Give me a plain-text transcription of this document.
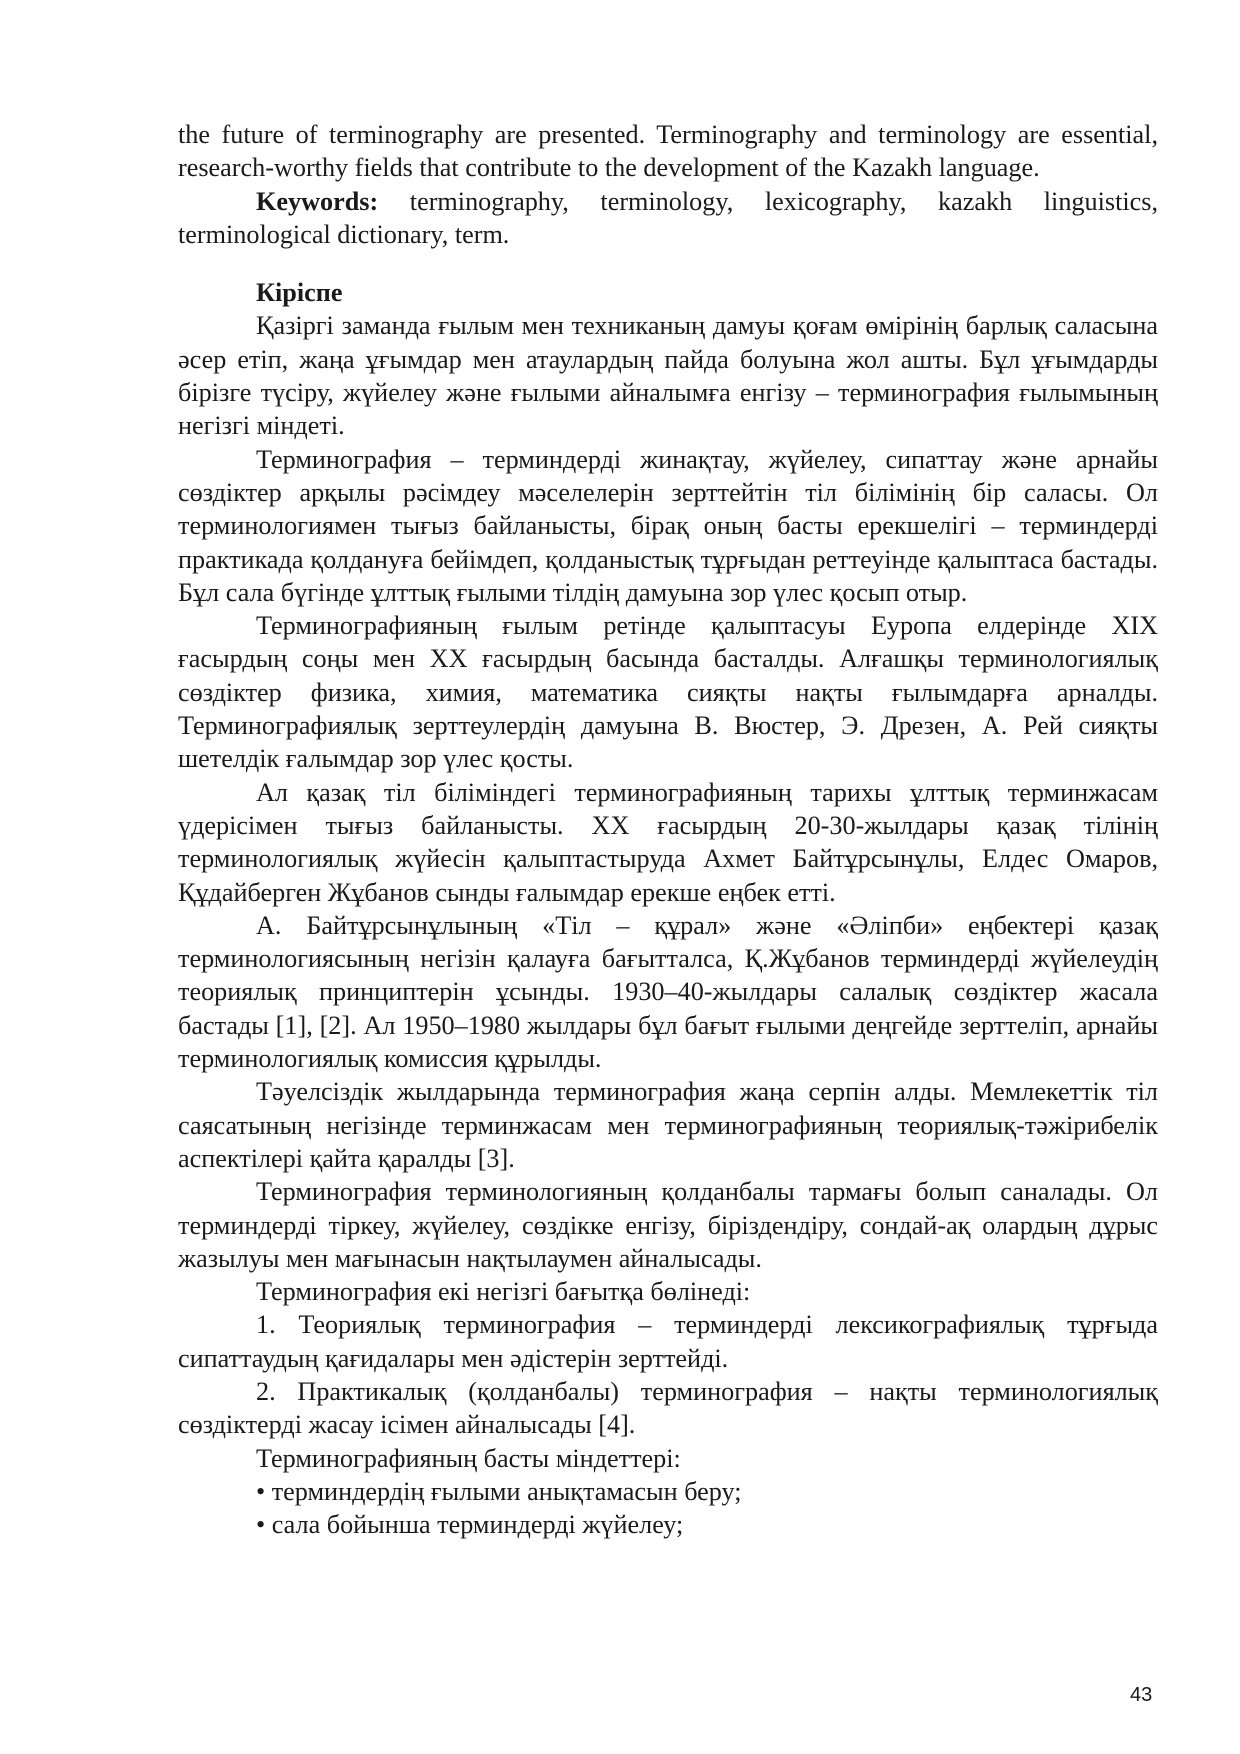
the future of terminography are presented. Terminography and terminology are essential, research-worthy fields that contribute to the development of the Kazakh language.

Keywords: terminography, terminology, lexicography, kazakh linguistics, terminological dictionary, term.

Кіріспе

Қазіргі заманда ғылым мен техниканың дамуы қоғам өмірінің барлық саласына әсер етіп, жаңа ұғымдар мен атаулардың пайда болуына жол ашты. Бұл ұғымдарды бірізге түсіру, жүйелеу және ғылыми айналымға енгізу – терминография ғылымының негізгі міндеті.

Терминография – терминдерді жинақтау, жүйелеу, сипаттау және арнайы сөздіктер арқылы рәсімдеу мәселелерін зерттейтін тіл білімінің бір саласы. Ол терминологиямен тығыз байланысты, бірақ оның басты ерекшелігі – терминдерді практикада қолдануға бейімдеп, қолданыстық тұрғыдан реттеуінде қалыптаса бастады. Бұл сала бүгінде ұлттық ғылыми тілдің дамуына зор үлес қосып отыр.

Терминографияның ғылым ретінде қалыптасуы Еуропа елдерінде XIX ғасырдың соңы мен XX ғасырдың басында басталды. Алғашқы терминологиялық сөздіктер физика, химия, математика сияқты нақты ғылымдарға арналды. Терминографиялық зерттеулердің дамуына В. Вюстер, Э. Дрезен, А. Рей сияқты шетелдік ғалымдар зор үлес қосты.

Ал қазақ тіл біліміндегі терминографияның тарихы ұлттық терминжасам үдерісімен тығыз байланысты. XX ғасырдың 20-30-жылдары қазақ тілінің терминологиялық жүйесін қалыптастыруда Ахмет Байтұрсынұлы, Елдес Омаров, Құдайберген Жұбанов сынды ғалымдар ерекше еңбек етті.

А. Байтұрсынұлының «Тіл – құрал» және «Әліпби» еңбектері қазақ терминологиясының негізін қалауға бағытталса, Қ.Жұбанов терминдерді жүйелеудің теориялық принциптерін ұсынды. 1930–40-жылдары салалық сөздіктер жасала бастады [1], [2]. Ал 1950–1980 жылдары бұл бағыт ғылыми деңгейде зерттеліп, арнайы терминологиялық комиссия құрылды.

Тәуелсіздік жылдарында терминография жаңа серпін алды. Мемлекеттік тіл саясатының негізінде терминжасам мен терминографияның теориялық-тәжірибелік аспектілері қайта қаралды [3].

Терминография терминологияның қолданбалы тармағы болып саналады. Ол терминдерді тіркеу, жүйелеу, сөздікке енгізу, біріздендіру, сондай-ақ олардың дұрыс жазылуы мен мағынасын нақтылаумен айналысады.

Терминография екі негізгі бағытқа бөлінеді:

1. Теориялық терминография – терминдерді лексикографиялық тұрғыда сипаттаудың қағидалары мен әдістерін зерттейді.

2. Практикалық (қолданбалы) терминография – нақты терминологиялық сөздіктерді жасау ісімен айналысады [4].

Терминографияның басты міндеттері:

• терминдердің ғылыми анықтамасын беру;

• сала бойынша терминдерді жүйелеу;

43
